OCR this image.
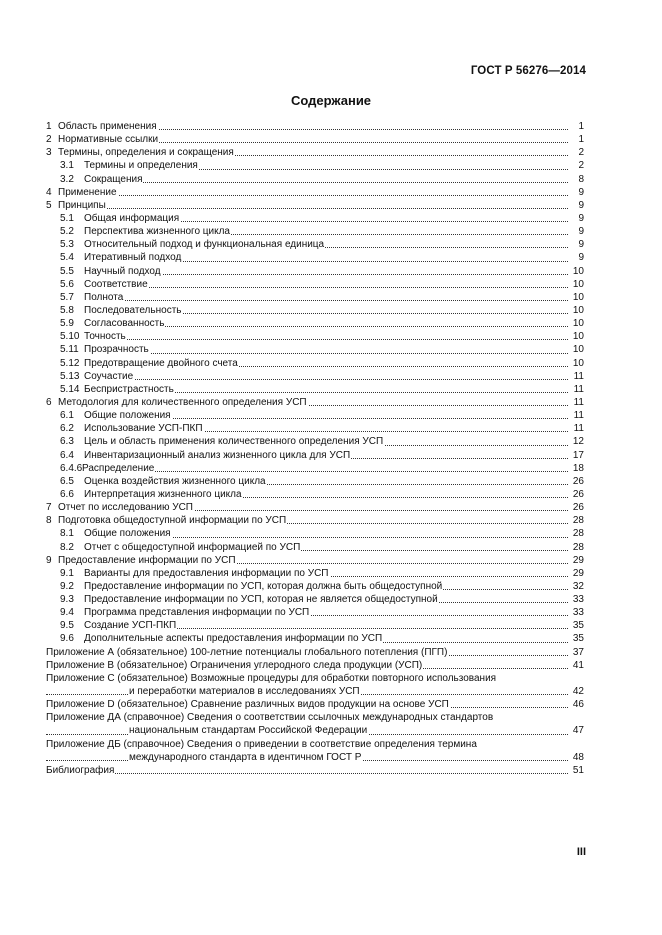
ГОСТ Р 56276—2014
Содержание
1 Область применения	1
2 Нормативные ссылки	1
3 Термины, определения и сокращения	2
3.1 Термины и определения	2
3.2 Сокращения	8
4 Применение	9
5 Принципы	9
5.1 Общая информация	9
5.2 Перспектива жизненного цикла	9
5.3 Относительный подход и функциональная единица	9
5.4 Итеративный подход	9
5.5 Научный подход	10
5.6 Соответствие	10
5.7 Полнота	10
5.8 Последовательность	10
5.9 Согласованность	10
5.10 Точность	10
5.11 Прозрачность	10
5.12 Предотвращение двойного счета	10
5.13 Соучастие	11
5.14 Беспристрастность	11
6 Методология для количественного определения УСП	11
6.1 Общие положения	11
6.2 Использование УСП-ПКП	11
6.3 Цель и область применения количественного определения УСП	12
6.4 Инвентаризационный анализ жизненного цикла для УСП	17
6.4.6Распределение	18
6.5 Оценка воздействия жизненного цикла	26
6.6 Интерпретация жизненного цикла	26
7 Отчет по исследованию УСП	26
8 Подготовка общедоступной информации по УСП	28
8.1 Общие положения	28
8.2 Отчет с общедоступной информацией по УСП	28
9 Предоставление информации по УСП	29
9.1 Варианты для предоставления информации по УСП	29
9.2 Предоставление информации по УСП, которая должна быть общедоступной	32
9.3 Предоставление информации по УСП, которая не является общедоступной	33
9.4 Программа представления информации по УСП	33
9.5 Создание УСП-ПКП	35
9.6 Дополнительные аспекты предоставления информации по УСП	35
Приложение А (обязательное) 100-летние потенциалы глобального потепления (ПГП)	37
Приложение В (обязательное) Ограничения углеродного следа продукции (УСП)	41
Приложение С (обязательное) Возможные процедуры для обработки повторного использования
и переработки материалов в исследованиях УСП	42
Приложение D (обязательное) Сравнение различных видов продукции на основе УСП	46
Приложение ДА (справочное) Сведения о соответствии ссылочных международных стандартов
национальным стандартам Российской Федерации	47
Приложение ДБ (справочное) Сведения о приведении в соответствие определения термина
международного стандарта в идентичном ГОСТ Р	48
Библиография	51
III
